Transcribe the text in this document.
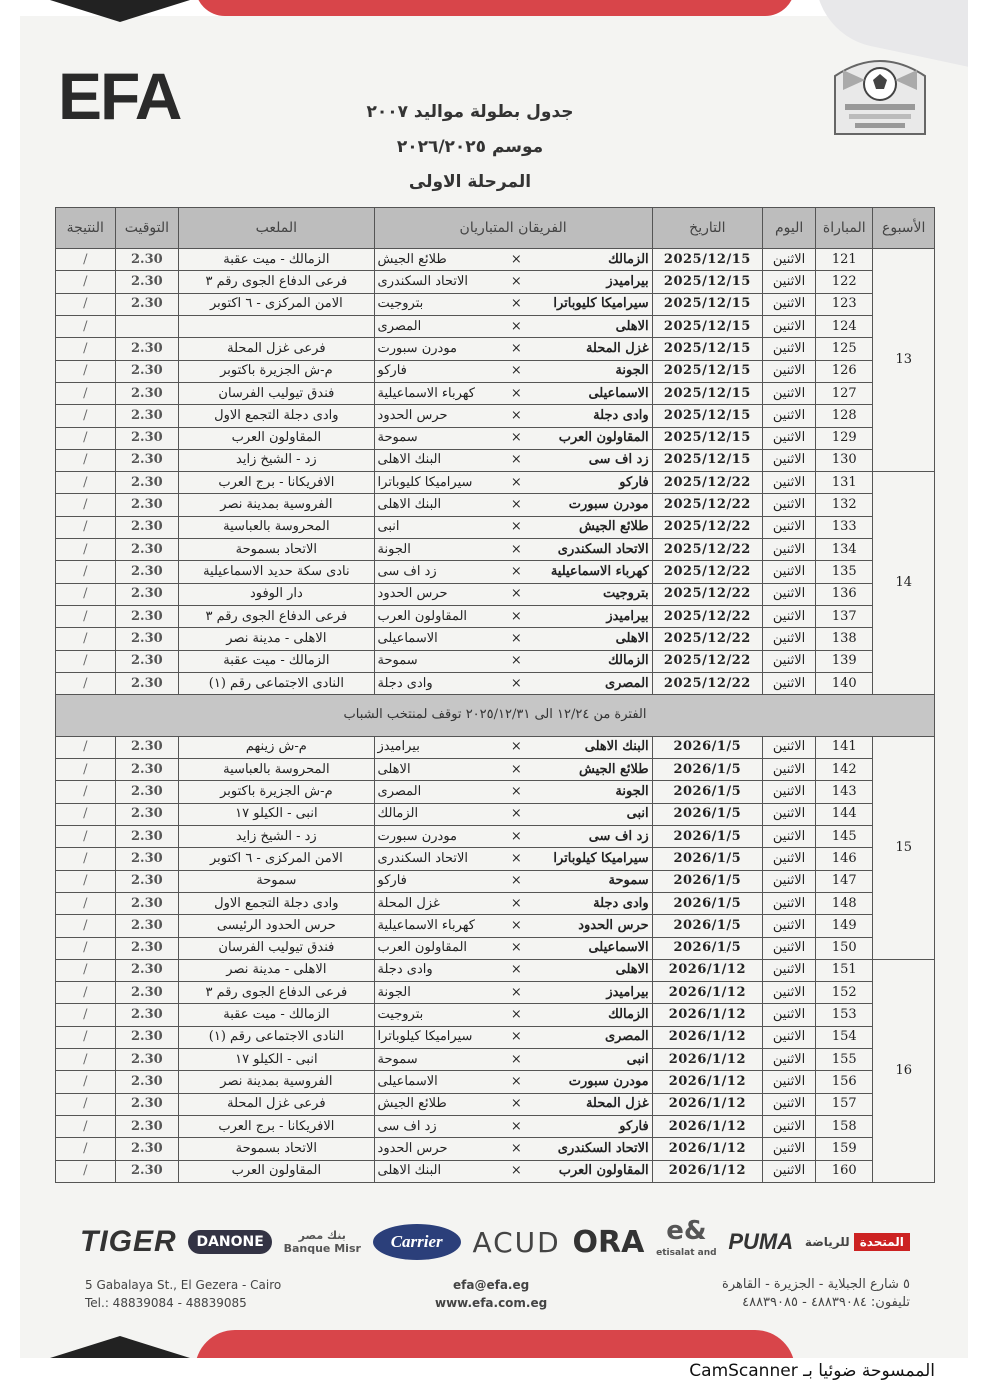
EFA	جدول بطولة مواليد ٢٠٠٧
موسم ٢٠٢٦/٢٠٢٥
المرحلة الاولى
الأسبوع	المباراة	اليوم	التاريخ	الفريقان المتباريان			الملعب	التوقيت	النتيجة
13	121	الاثنين	2025/12/15	الزمالك	×	طلائع الجيش	الزمالك - ميت عقبة	2.30	/
	122	الاثنين	2025/12/15	بيراميدز	×	الاتحاد السكندرى	فرعى الدفاع الجوى رقم ٣	2.30	/
	123	الاثنين	2025/12/15	سيراميكا كليوباترا	×	بتروجيت	الامن المركزى - ٦ اكتوبر	2.30	/
	124	الاثنين	2025/12/15	الاهلى	×	المصرى			/
	125	الاثنين	2025/12/15	غزل المحلة	×	مودرن سبورت	فرعى غزل المحلة	2.30	/
	126	الاثنين	2025/12/15	الجونة	×	فاركو	م-ش الجزيرة باكتوبر	2.30	/
	127	الاثنين	2025/12/15	الاسماعيلى	×	كهرباء الاسماعيلية	فندق تيوليب الفرسان	2.30	/
	128	الاثنين	2025/12/15	وادى دجلة	×	حرس الحدود	وادى دجلة التجمع الاول	2.30	/
	129	الاثنين	2025/12/15	المقاولون العرب	×	سموحة	المقاولون العرب	2.30	/
	130	الاثنين	2025/12/15	زد اف سى	×	البنك الاهلى	زد - الشيخ زايد	2.30	/
14	131	الاثنين	2025/12/22	فاركو	×	سيراميكا كليوباترا	الافريكانا - برج العرب	2.30	/
	132	الاثنين	2025/12/22	مودرن سبورت	×	البنك الاهلى	الفروسية بمدينة نصر	2.30	/
	133	الاثنين	2025/12/22	طلائع الجيش	×	انبى	المحروسة بالعباسية	2.30	/
	134	الاثنين	2025/12/22	الاتحاد السكندرى	×	الجونة	الاتحاد بسموحة	2.30	/
	135	الاثنين	2025/12/22	كهرباء الاسماعيلية	×	زد اف سى	نادى سكة حديد الاسماعيلية	2.30	/
	136	الاثنين	2025/12/22	بتروجيت	×	حرس الحدود	دار الوفود	2.30	/
	137	الاثنين	2025/12/22	بيراميدز	×	المقاولون العرب	فرعى الدفاع الجوى رقم ٣	2.30	/
	138	الاثنين	2025/12/22	الاهلى	×	الاسماعيلى	الاهلى - مدينة نصر	2.30	/
	139	الاثنين	2025/12/22	الزمالك	×	سموحة	الزمالك - ميت عقبة	2.30	/
	140	الاثنين	2025/12/22	المصرى	×	وادى دجلة	النادى الاجتماعى رقم (١)	2.30	/
الفترة من ١٢/٢٤ الى ٢٠٢٥/١٢/٣١ توقف لمنتخب الشباب									
15	141	الاثنين	2026/1/5	البنك الاهلى	×	بيراميدز	م-ش زينهم	2.30	/
	142	الاثنين	2026/1/5	طلائع الجيش	×	الاهلى	المحروسة بالعباسية	2.30	/
	143	الاثنين	2026/1/5	الجونة	×	المصرى	م-ش الجزيرة باكتوبر	2.30	/
	144	الاثنين	2026/1/5	انبى	×	الزمالك	انبى - الكيلو ١٧	2.30	/
	145	الاثنين	2026/1/5	زد اف سى	×	مودرن سبورت	زد - الشيخ زايد	2.30	/
	146	الاثنين	2026/1/5	سيراميكا كيلوباترا	×	الاتحاد السكندرى	الامن المركزى - ٦ اكتوبر	2.30	/
	147	الاثنين	2026/1/5	سموحة	×	فاركو	سموحة	2.30	/
	148	الاثنين	2026/1/5	وادى دجلة	×	غزل المحلة	وادى دجلة التجمع الاول	2.30	/
	149	الاثنين	2026/1/5	حرس الحدود	×	كهرباء الاسماعيلية	حرس الحدود الرئيسى	2.30	/
	150	الاثنين	2026/1/5	الاسماعيلى	×	المقاولون العرب	فندق تيوليب الفرسان	2.30	/
16	151	الاثنين	2026/1/12	الاهلى	×	وادى دجلة	الاهلى - مدينة نصر	2.30	/
	152	الاثنين	2026/1/12	بيراميدز	×	الجونة	فرعى الدفاع الجوى رقم ٣	2.30	/
	153	الاثنين	2026/1/12	الزمالك	×	بتروجيت	الزمالك - ميت عقبة	2.30	/
	154	الاثنين	2026/1/12	المصرى	×	سيراميكا كيلوباترا	النادى الاجتماعى رقم (١)	2.30	/
	155	الاثنين	2026/1/12	انبى	×	سموحة	انبى - الكيلو ١٧	2.30	/
	156	الاثنين	2026/1/12	مودرن سبورت	×	الاسماعيلى	الفروسية بمدينة نصر	2.30	/
	157	الاثنين	2026/1/12	غزل المحلة	×	طلائع الجيش	فرعى غزل المحلة	2.30	/
	158	الاثنين	2026/1/12	فاركو	×	زد اف سى	الافريكانا - برج العرب	2.30	/
	159	الاثنين	2026/1/12	الاتحاد السكندرى	×	حرس الحدود	الاتحاد بسموحة	2.30	/
	160	الاثنين	2026/1/12	المقاولون العرب	×	البنك الاهلى	المقاولون العرب	2.30	/
TIGER	DANONE	بنك مصر
Banque Misr	Carrier	ACUD ORA e&
etisalat and PUMA	المتحدةللرياضة
5 Gabalaya St., El Gezera - Cairo
Tel.: 48839084 - 48839085
efa@efa.eg
www.efa.com.eg
٥ شارع الجبلاية - الجزيرة - القاهرة
تليفون: ٤٨٨٣٩٠٨٤ - ٤٨٨٣٩٠٨٥
الممسوحة ضوئيا بـ CamScanner
